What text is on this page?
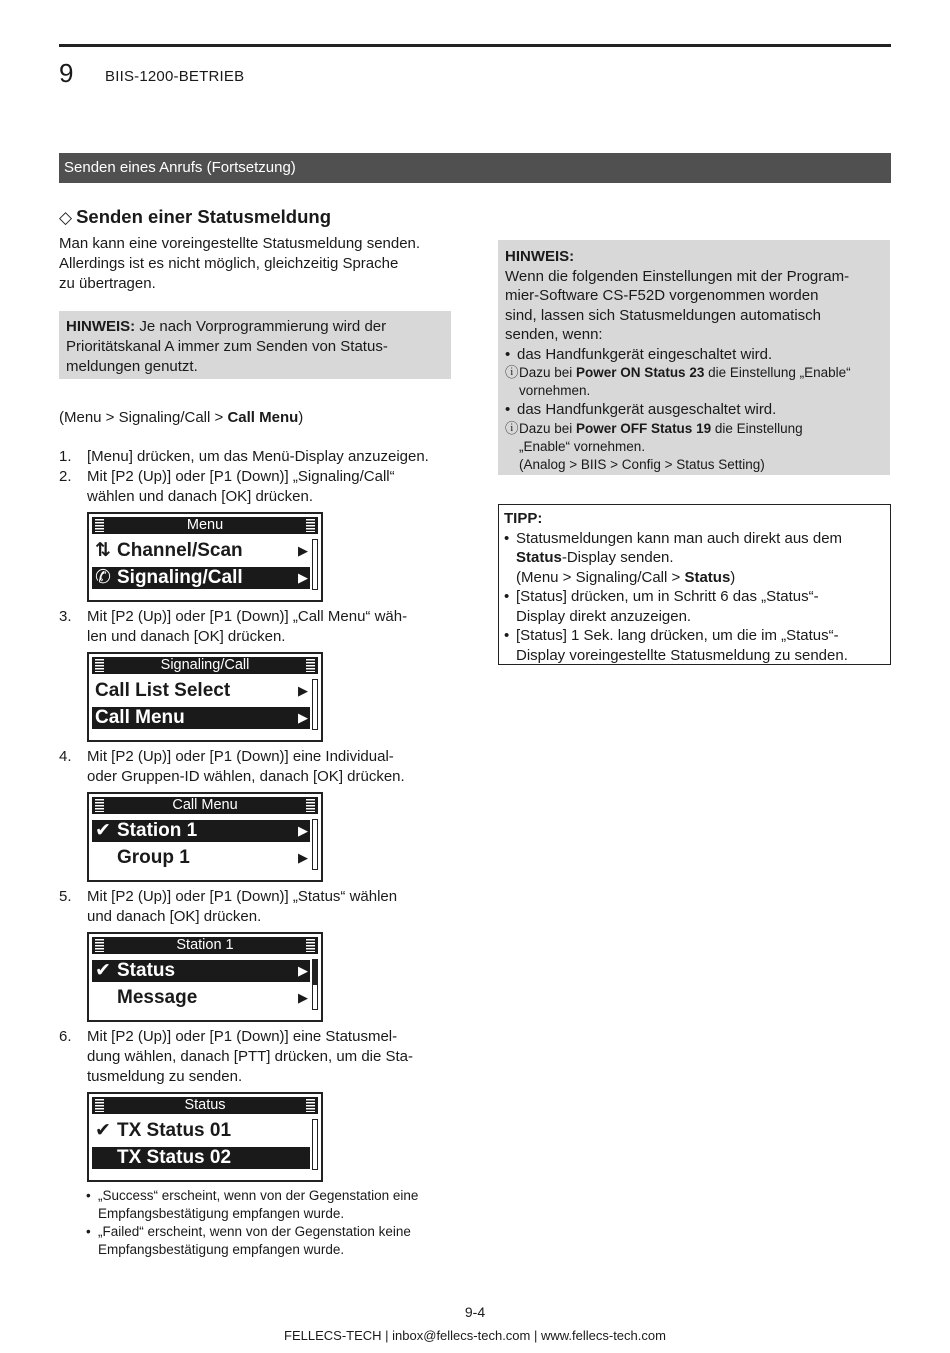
9 BIIS-1200-BETRIEB
Senden eines Anrufs (Fortsetzung)
◇ Senden einer Statusmeldung
Man kann eine voreingestellte Statusmeldung senden.
Allerdings ist es nicht möglich, gleichzeitig Sprache
zu übertragen.
HINWEIS: Je nach Vorprogrammierung wird der
Prioritätskanal A immer zum Senden von Status-
meldungen genutzt.
(Menu > Signaling/Call > Call Menu)
1. [Menu] drücken, um das Menü-Display anzuzeigen.
2. Mit [P2 (Up)] oder [P1 (Down)] „Signaling/Call“
wählen und danach [OK] drücken.
Menu
⇅ Channel/Scan	▶
✆ Signaling/Call	▶
3. Mit [P2 (Up)] oder [P1 (Down)] „Call Menu“ wäh-
len und danach [OK] drücken.
Signaling/Call
Call List Select	▶
Call Menu	▶
4. Mit [P2 (Up)] oder [P1 (Down)] eine Individual-
oder Gruppen-ID wählen, danach [OK] drücken.
Call Menu
✔ Station 1	▶
Group 1	▶
5. Mit [P2 (Up)] oder [P1 (Down)] „Status“ wählen
und danach [OK] drücken.
Station 1
✔ Status	▶
Message	▶
6. Mit [P2 (Up)] oder [P1 (Down)] eine Statusmel-
dung wählen, danach [PTT] drücken, um die Sta-
tusmeldung zu senden.
Status
✔ TX Status 01
TX Status 02
• „Success“ erscheint, wenn von der Gegenstation eine
Empfangsbestätigung empfangen wurde.
• „Failed“ erscheint, wenn von der Gegenstation keine
Empfangsbestätigung empfangen wurde.
HINWEIS:
Wenn die folgenden Einstellungen mit der Program-
mier-Software CS-F52D vorgenommen worden
sind, lassen sich Statusmeldungen automatisch
senden, wenn:
• das Handfunkgerät eingeschaltet wird.
ⓘ Dazu bei Power ON Status 23 die Einstellung „Enable“
vornehmen.
• das Handfunkgerät ausgeschaltet wird.
ⓘ Dazu bei Power OFF Status 19 die Einstellung
„Enable“ vornehmen.
(Analog > BIIS > Config > Status Setting)
TIPP:
• Statusmeldungen kann man auch direkt aus dem
Status-Display senden.
(Menu > Signaling/Call > Status)
• [Status] drücken, um in Schritt 6 das „Status“-
Display direkt anzuzeigen.
• [Status] 1 Sek. lang drücken, um die im „Status“-
Display voreingestellte Statusmeldung zu senden.
9-4
FELLECS-TECH | inbox@fellecs-tech.com | www.fellecs-tech.com
